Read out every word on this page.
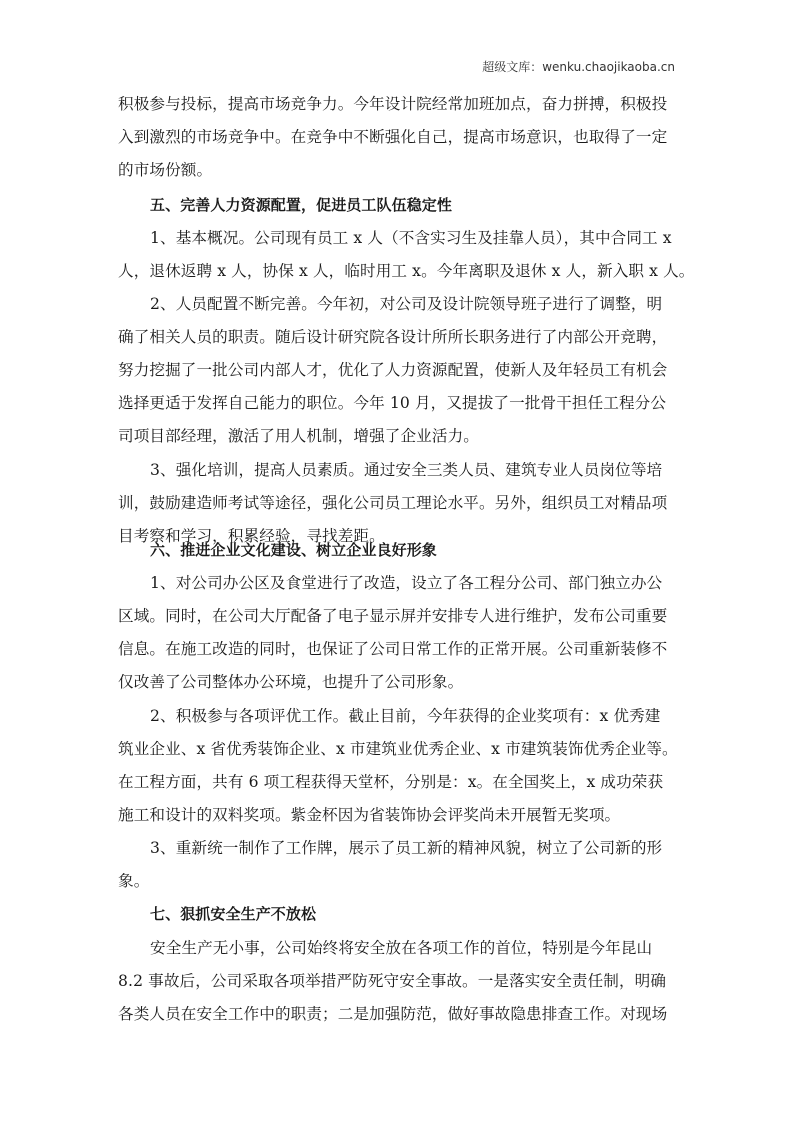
超级文库：wenku.chaojikaoba.cn
积极参与投标，提高市场竞争力。今年设计院经常加班加点，奋力拼搏，积极投
入到激烈的市场竞争中。在竞争中不断强化自己，提高市场意识，也取得了一定
的市场份额。
五、完善人力资源配置，促进员工队伍稳定性
1、基本概况。公司现有员工 x 人（不含实习生及挂靠人员），其中合同工 x
人，退休返聘 x 人，协保 x 人，临时用工 x。今年离职及退休 x 人，新入职 x 人。
2、人员配置不断完善。今年初，对公司及设计院领导班子进行了调整，明
确了相关人员的职责。随后设计研究院各设计所所长职务进行了内部公开竞聘，
努力挖掘了一批公司内部人才，优化了人力资源配置，使新人及年轻员工有机会
选择更适于发挥自己能力的职位。今年 10 月，又提拔了一批骨干担任工程分公
司项目部经理，激活了用人机制，增强了企业活力。
3、强化培训，提高人员素质。通过安全三类人员、建筑专业人员岗位等培
训，鼓励建造师考试等途径，强化公司员工理论水平。另外，组织员工对精品项
目考察和学习，积累经验，寻找差距。
六、推进企业文化建设、树立企业良好形象
1、对公司办公区及食堂进行了改造，设立了各工程分公司、部门独立办公
区域。同时，在公司大厅配备了电子显示屏并安排专人进行维护，发布公司重要
信息。在施工改造的同时，也保证了公司日常工作的正常开展。公司重新装修不
仅改善了公司整体办公环境，也提升了公司形象。
2、积极参与各项评优工作。截止目前，今年获得的企业奖项有：x 优秀建
筑业企业、x 省优秀装饰企业、x 市建筑业优秀企业、x 市建筑装饰优秀企业等。
在工程方面，共有 6 项工程获得天堂杯，分别是：x。在全国奖上，x 成功荣获
施工和设计的双料奖项。紫金杯因为省装饰协会评奖尚未开展暂无奖项。
3、重新统一制作了工作牌，展示了员工新的精神风貌，树立了公司新的形
象。
七、狠抓安全生产不放松
安全生产无小事，公司始终将安全放在各项工作的首位，特别是今年昆山
8.2 事故后，公司采取各项举措严防死守安全事故。一是落实安全责任制，明确
各类人员在安全工作中的职责；二是加强防范，做好事故隐患排查工作。对现场
